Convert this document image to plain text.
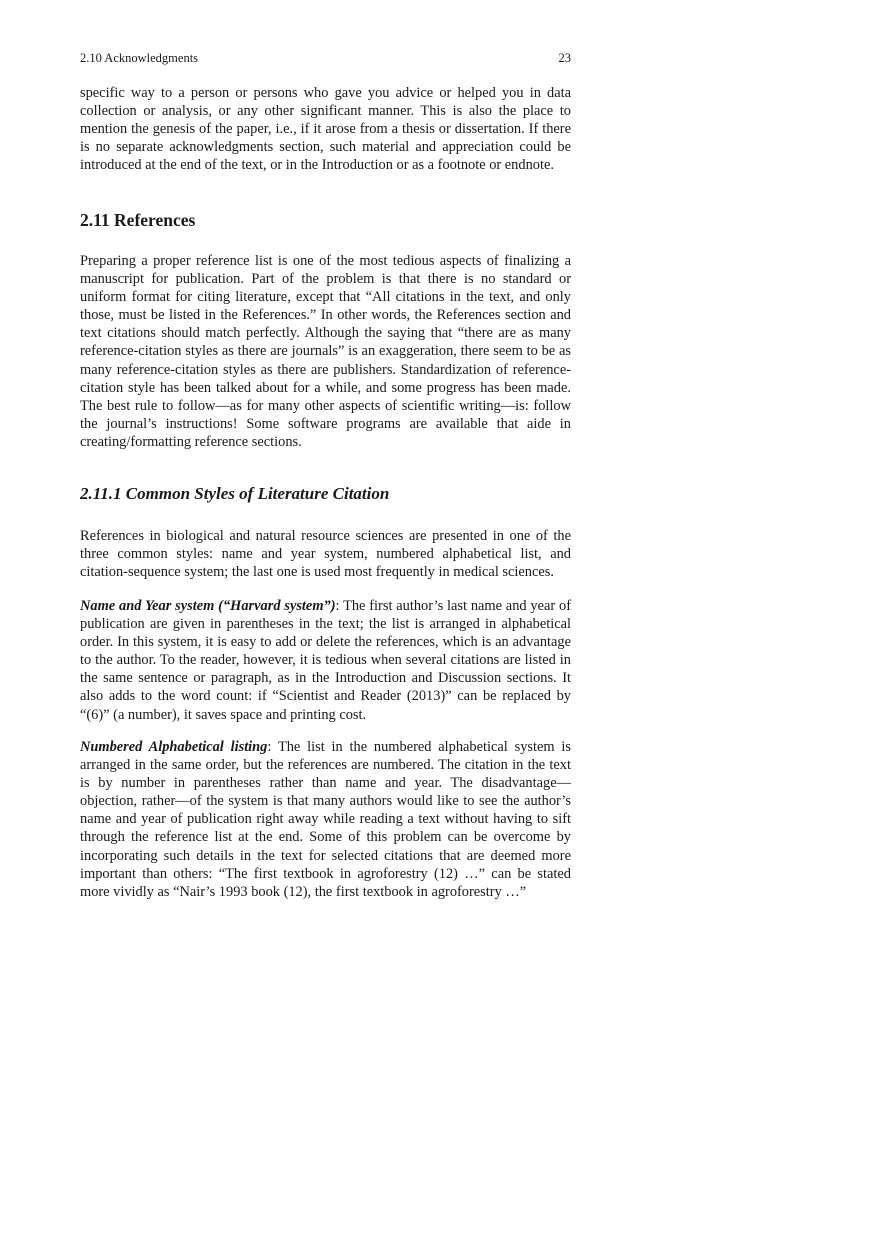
2.10 Acknowledgments	23

specific way to a person or persons who gave you advice or helped you in data collection or analysis, or any other significant manner. This is also the place to mention the genesis of the paper, i.e., if it arose from a thesis or dissertation. If there is no separate acknowledgments section, such material and appreciation could be introduced at the end of the text, or in the Introduction or as a footnote or endnote.

2.11 References

Preparing a proper reference list is one of the most tedious aspects of finalizing a manuscript for publication. Part of the problem is that there is no standard or uniform format for citing literature, except that “All citations in the text, and only those, must be listed in the References.” In other words, the References section and text citations should match perfectly. Although the saying that “there are as many reference-citation styles as there are journals” is an exaggeration, there seem to be as many reference-citation styles as there are publishers. Standardization of reference-citation style has been talked about for a while, and some progress has been made. The best rule to follow—as for many other aspects of scientific writing—is: follow the journal’s instructions! Some software programs are available that aide in creating/formatting reference sections.

2.11.1 Common Styles of Literature Citation

References in biological and natural resource sciences are presented in one of the three common styles: name and year system, numbered alphabetical list, and citation-sequence system; the last one is used most frequently in medical sciences.

Name and Year system (“Harvard system”): The first author’s last name and year of publication are given in parentheses in the text; the list is arranged in alphabetical order. In this system, it is easy to add or delete the references, which is an advantage to the author. To the reader, however, it is tedious when several citations are listed in the same sentence or paragraph, as in the Introduction and Discussion sections. It also adds to the word count: if “Scientist and Reader (2013)” can be replaced by “(6)” (a number), it saves space and printing cost.

Numbered Alphabetical listing: The list in the numbered alphabetical system is arranged in the same order, but the references are numbered. The citation in the text is by number in parentheses rather than name and year. The disadvantage—objection, rather—of the system is that many authors would like to see the author’s name and year of publication right away while reading a text without having to sift through the reference list at the end. Some of this problem can be overcome by incorporating such details in the text for selected citations that are deemed more important than others: “The first textbook in agroforestry (12) …” can be stated more vividly as “Nair’s 1993 book (12), the first textbook in agroforestry …”
